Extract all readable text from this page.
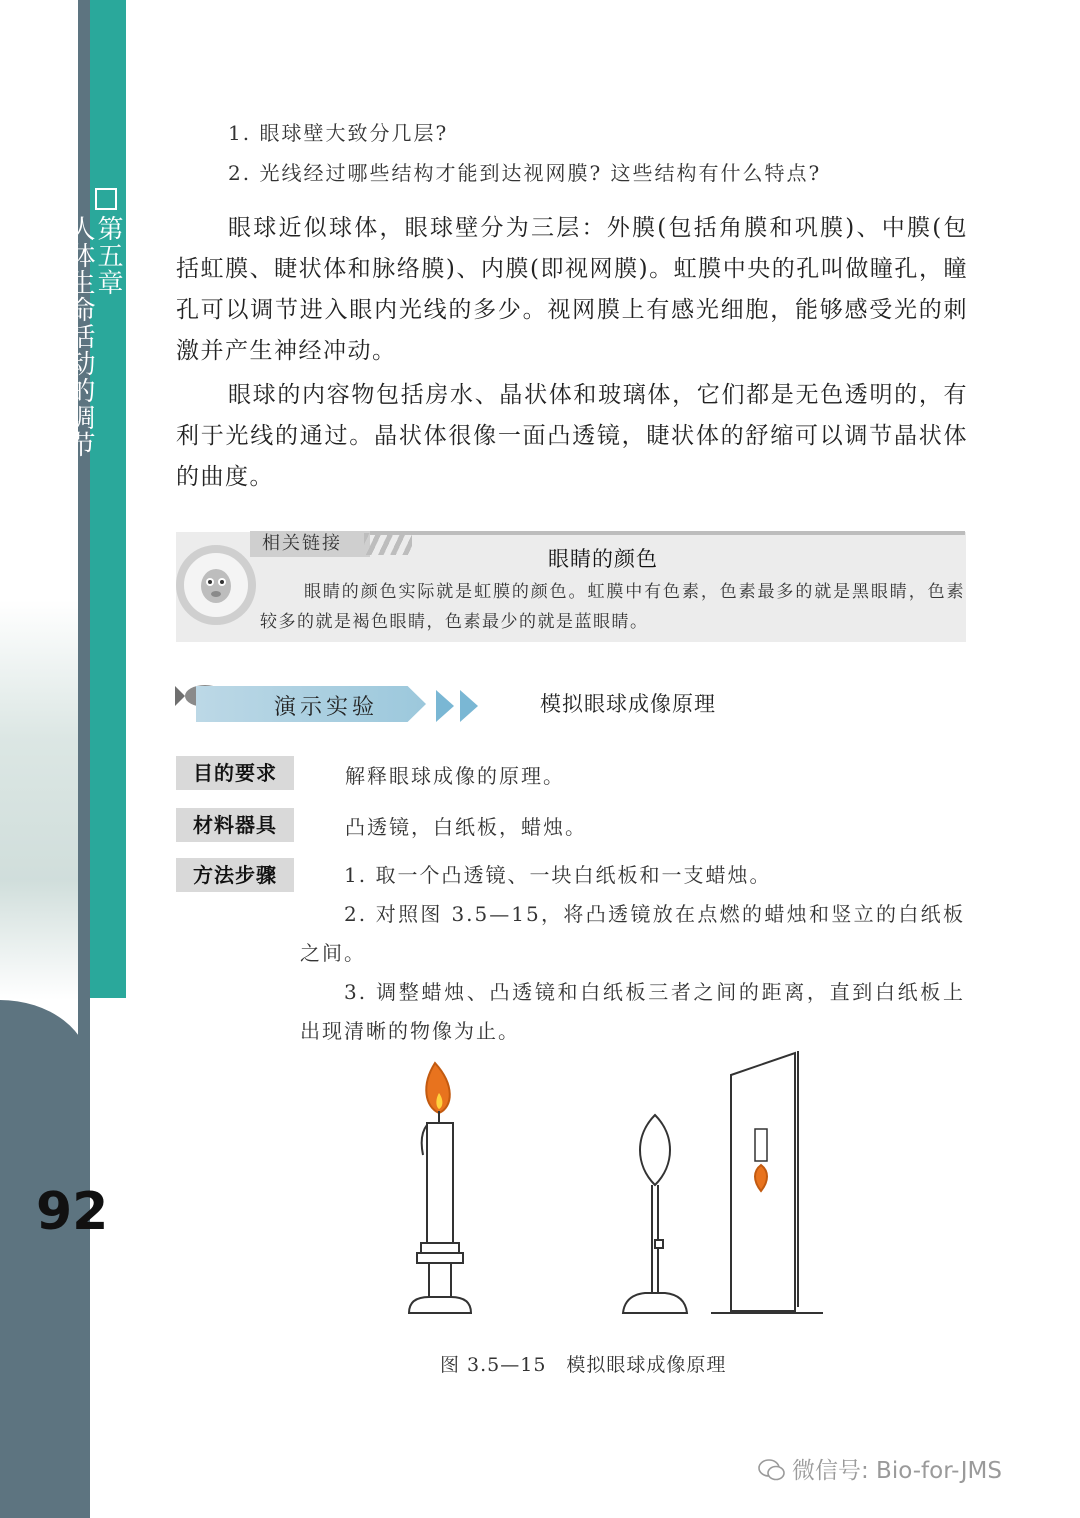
第五章
人体生命活动的调节
92
1. 眼球壁大致分几层?
2. 光线经过哪些结构才能到达视网膜? 这些结构有什么特点?

眼球近似球体，眼球壁分为三层：外膜(包括角膜和巩膜)、中膜(包括虹膜、睫状体和脉络膜)、内膜(即视网膜)。虹膜中央的孔叫做瞳孔，瞳孔可以调节进入眼内光线的多少。视网膜上有感光细胞，能够感受光的刺激并产生神经冲动。

眼球的内容物包括房水、晶状体和玻璃体，它们都是无色透明的，有利于光线的通过。晶状体很像一面凸透镜，睫状体的舒缩可以调节晶状体的曲度。

相关链接
眼睛的颜色
眼睛的颜色实际就是虹膜的颜色。虹膜中有色素，色素最多的就是黑眼睛，色素较多的就是褐色眼睛，色素最少的就是蓝眼睛。
演示实验	模拟眼球成像原理
目的要求	解释眼球成像的原理。
材料器具	凸透镜，白纸板，蜡烛。
方法步骤	1. 取一个凸透镜、一块白纸板和一支蜡烛。
2. 对照图 3.5—15，将凸透镜放在点燃的蜡烛和竖立的白纸板之间。
3. 调整蜡烛、凸透镜和白纸板三者之间的距离，直到白纸板上出现清晰的物像为止。
图 3.5—15　模拟眼球成像原理
微信号: Bio-for-JMS
